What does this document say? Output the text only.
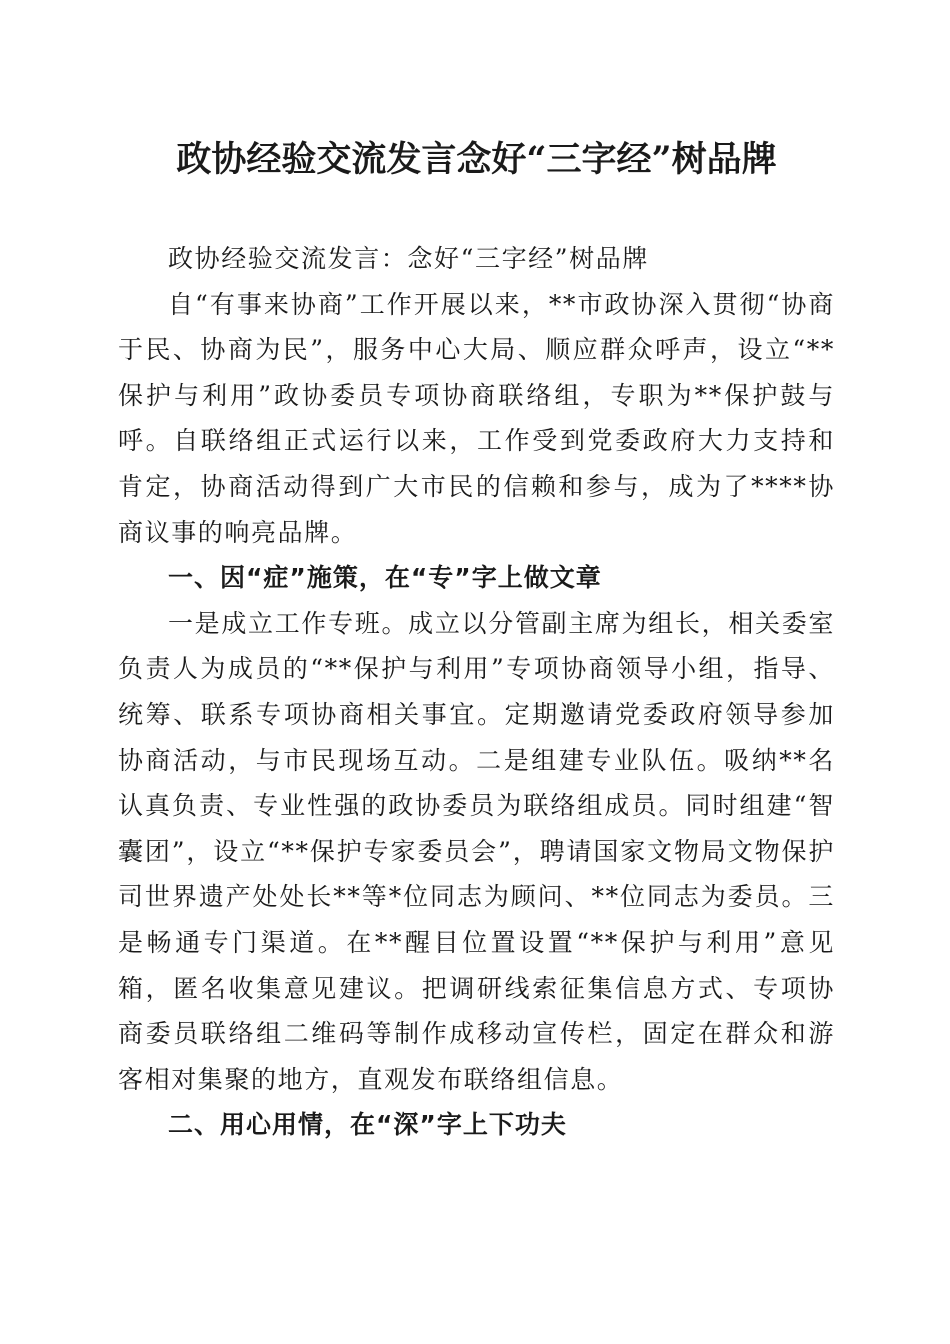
政协经验交流发言念好“三字经”树品牌

政协经验交流发言：念好“三字经”树品牌

自“有事来协商”工作开展以来，**市政协深入贯彻“协商于民、协商为民”，服务中心大局、顺应群众呼声，设立“**保护与利用”政协委员专项协商联络组，专职为**保护鼓与呼。自联络组正式运行以来，工作受到党委政府大力支持和肯定，协商活动得到广大市民的信赖和参与，成为了****协商议事的响亮品牌。

一、因“症”施策，在“专”字上做文章

一是成立工作专班。成立以分管副主席为组长，相关委室负责人为成员的“**保护与利用”专项协商领导小组，指导、统筹、联系专项协商相关事宜。定期邀请党委政府领导参加协商活动，与市民现场互动。二是组建专业队伍。吸纳**名认真负责、专业性强的政协委员为联络组成员。同时组建“智囊团”，设立“**保护专家委员会”，聘请国家文物局文物保护司世界遗产处处长**等*位同志为顾问、**位同志为委员。三是畅通专门渠道。在**醒目位置设置“**保护与利用”意见箱，匿名收集意见建议。把调研线索征集信息方式、专项协商委员联络组二维码等制作成移动宣传栏，固定在群众和游客相对集聚的地方，直观发布联络组信息。

二、用心用情，在“深”字上下功夫
